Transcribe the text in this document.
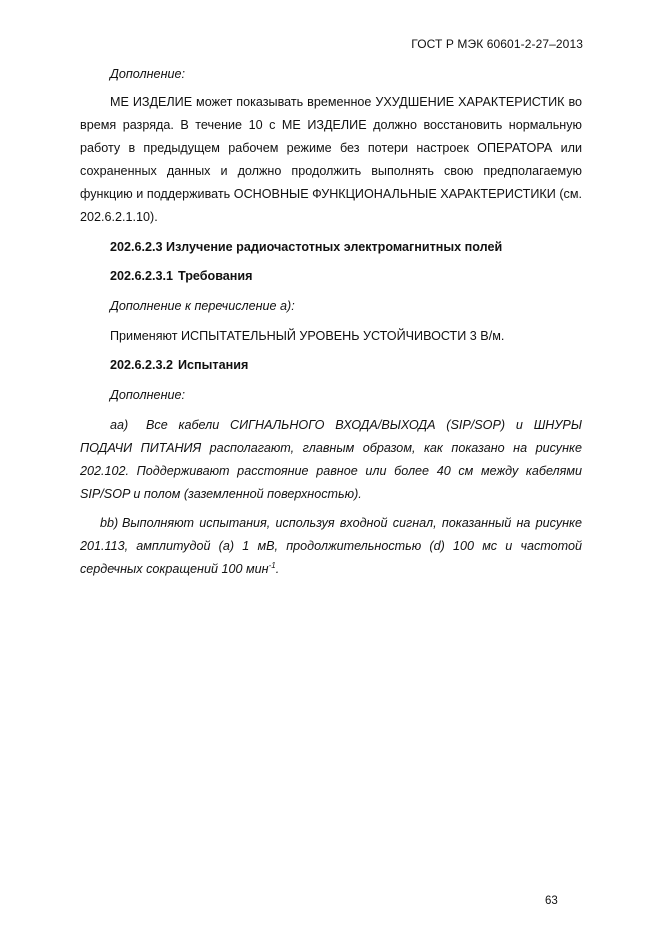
ГОСТ Р МЭК 60601-2-27–2013
Дополнение:
МЕ ИЗДЕЛИЕ может показывать временное УХУДШЕНИЕ ХАРАКТЕРИСТИК во время разряда. В течение 10 с МЕ ИЗДЕЛИЕ должно восстановить нормальную работу в предыдущем рабочем режиме без потери настроек ОПЕРАТОРА или сохраненных данных и должно продолжить выполнять свою предполагаемую функцию и поддерживать ОСНОВНЫЕ ФУНКЦИОНАЛЬНЫЕ ХАРАКТЕРИСТИКИ (см. 202.6.2.1.10).
202.6.2.3 Излучение радиочастотных электромагнитных полей
202.6.2.3.1 Требования
Дополнение к перечисление a):
Применяют ИСПЫТАТЕЛЬНЫЙ УРОВЕНЬ УСТОЙЧИВОСТИ 3 В/м.
202.6.2.3.2 Испытания
Дополнение:
aa) Все кабели СИГНАЛЬНОГО ВХОДА/ВЫХОДА (SIP/SOP) и ШНУРЫ ПОДАЧИ ПИТАНИЯ располагают, главным образом, как показано на рисунке 202.102. Поддерживают расстояние равное или более 40 см между кабелями SIP/SOP и полом (заземленной поверхностью).
bb) Выполняют испытания, используя входной сигнал, показанный на рисунке 201.113, амплитудой (a) 1 мВ, продолжительностью (d) 100 мс и частотой сердечных сокращений 100 мин$^{-1}$.
63
